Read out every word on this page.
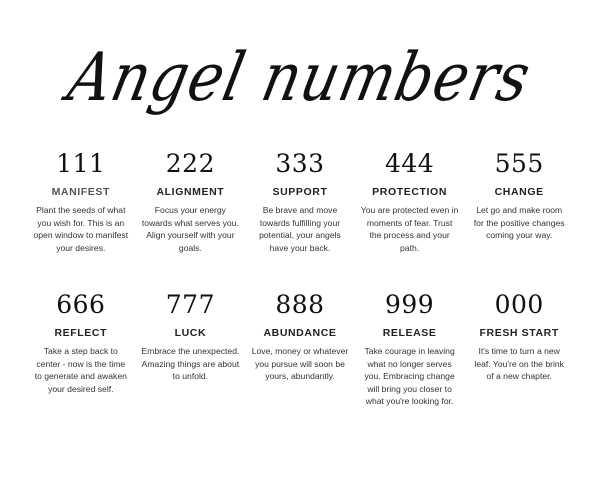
Angel numbers
111
MANIFEST
Plant the seeds of what you wish for. This is an open window to manifest your desires.
222
ALIGNMENT
Focus your energy towards what serves you. Align yourself with your goals.
333
SUPPORT
Be brave and move towards fulfilling your potential, your angels have your back.
444
PROTECTION
You are protected even in moments of fear. Trust the process and your path.
555
CHANGE
Let go and make room for the positive changes coming your way.
666
REFLECT
Take a step back to center - now is the time to generate and awaken your desired self.
777
LUCK
Embrace the unexpected. Amazing things are about to unfold.
888
ABUNDANCE
Love, money or whatever you pursue will soon be yours, abundantly.
999
RELEASE
Take courage in leaving what no longer serves you. Embracing change will bring you closer to what you're looking for.
000
FRESH START
It's time to turn a new leaf. You're on the brink of a new chapter.
